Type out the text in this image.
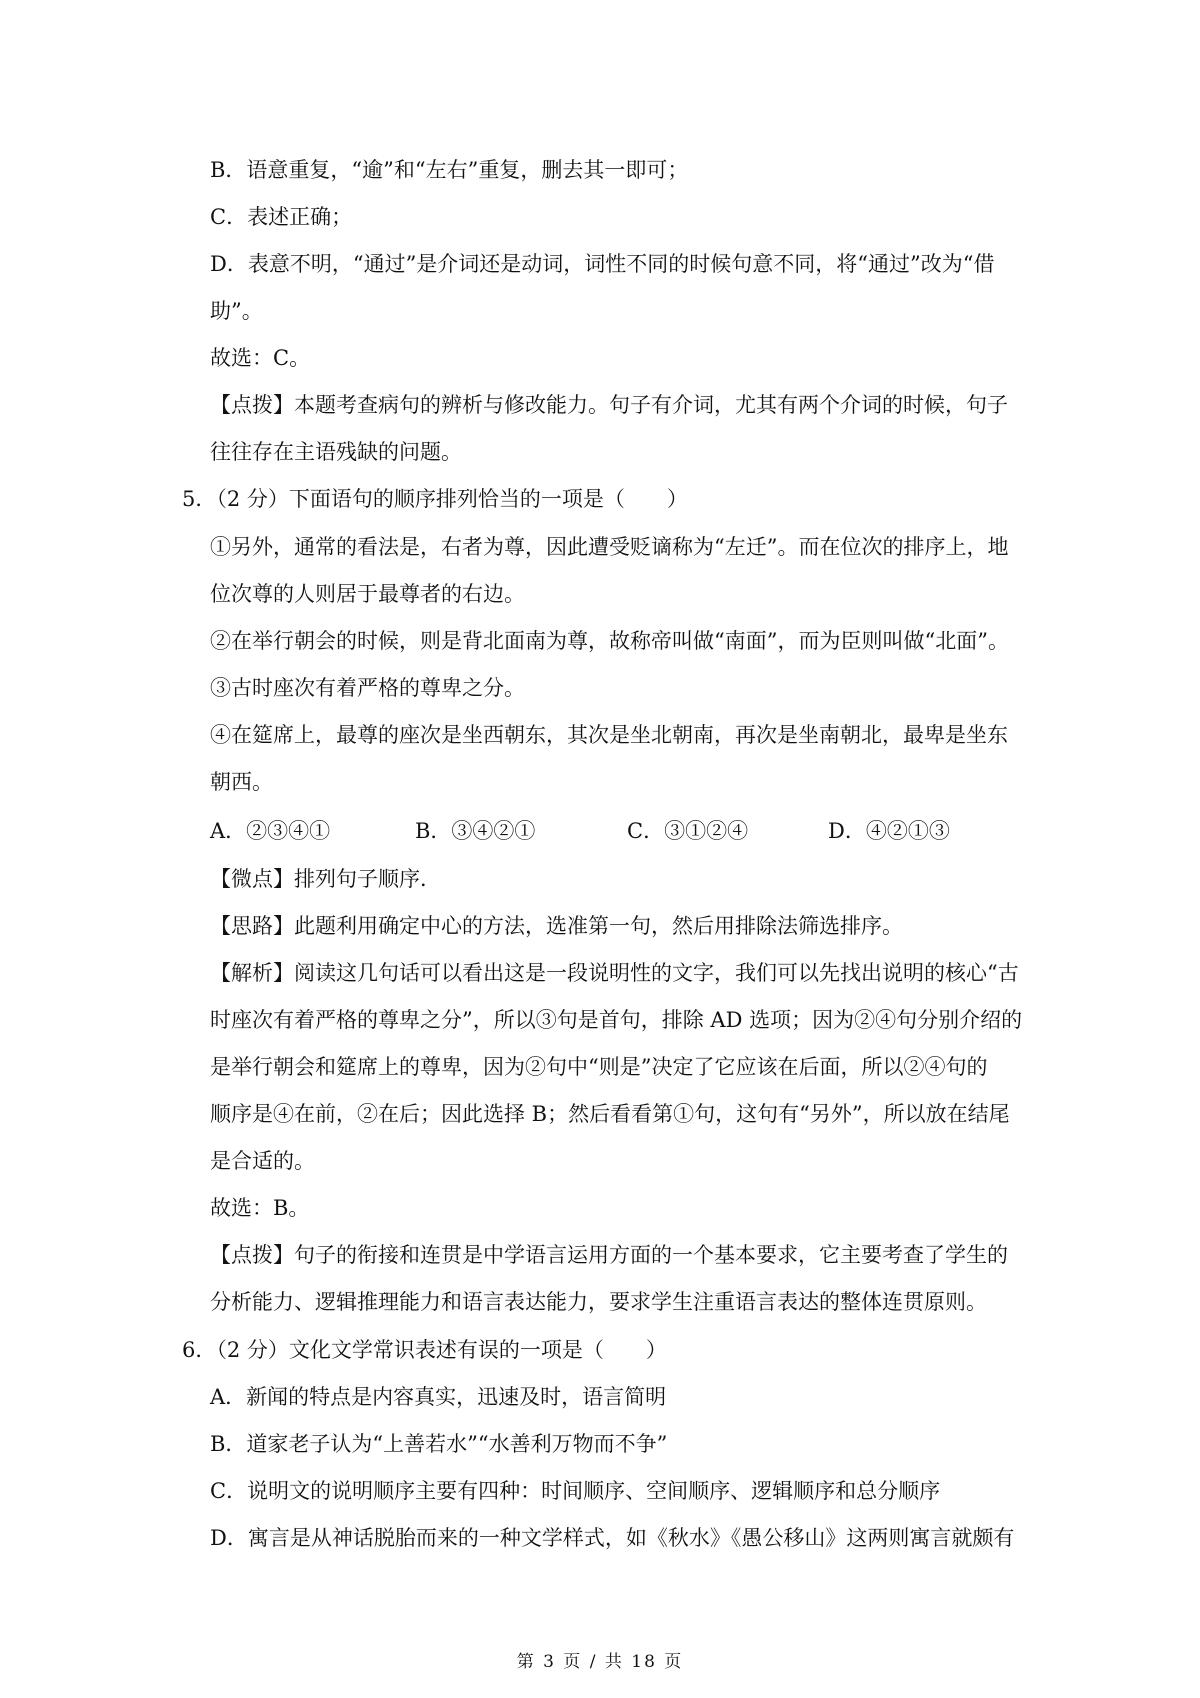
B．语意重复，“逾”和“左右”重复，删去其一即可；
C．表述正确；
D．表意不明，“通过”是介词还是动词，词性不同的时候句意不同，将“通过”改为“借
助”。
故选：C。
【点拨】本题考查病句的辨析与修改能力。句子有介词，尤其有两个介词的时候，句子
往往存在主语残缺的问题。
5．（2 分）下面语句的顺序排列恰当的一项是（　　）
①另外，通常的看法是，右者为尊，因此遭受贬谪称为“左迁”。而在位次的排序上，地
位次尊的人则居于最尊者的右边。
②在举行朝会的时候，则是背北面南为尊，故称帝叫做“南面”，而为臣则叫做“北面”。
③古时座次有着严格的尊卑之分。
④在筵席上，最尊的座次是坐西朝东，其次是坐北朝南，再次是坐南朝北，最卑是坐东
朝西。
A．②③④①	B．③④②①	C．③①②④	D．④②①③
【微点】排列句子顺序．
【思路】此题利用确定中心的方法，选准第一句，然后用排除法筛选排序。
【解析】阅读这几句话可以看出这是一段说明性的文字，我们可以先找出说明的核心“古
时座次有着严格的尊卑之分”，所以③句是首句，排除 AD 选项；因为②④句分别介绍的
是举行朝会和筵席上的尊卑，因为②句中“则是”决定了它应该在后面，所以②④句的
顺序是④在前，②在后；因此选择 B；然后看看第①句，这句有“另外”，所以放在结尾
是合适的。
故选：B。
【点拨】句子的衔接和连贯是中学语言运用方面的一个基本要求，它主要考查了学生的
分析能力、逻辑推理能力和语言表达能力，要求学生注重语言表达的整体连贯原则。
6．（2 分）文化文学常识表述有误的一项是（　　）
A．新闻的特点是内容真实，迅速及时，语言简明
B．道家老子认为“上善若水”“水善利万物而不争”
C．说明文的说明顺序主要有四种：时间顺序、空间顺序、逻辑顺序和总分顺序
D．寓言是从神话脱胎而来的一种文学样式，如《秋水》《愚公移山》这两则寓言就颇有
第 3 页 / 共 18 页
